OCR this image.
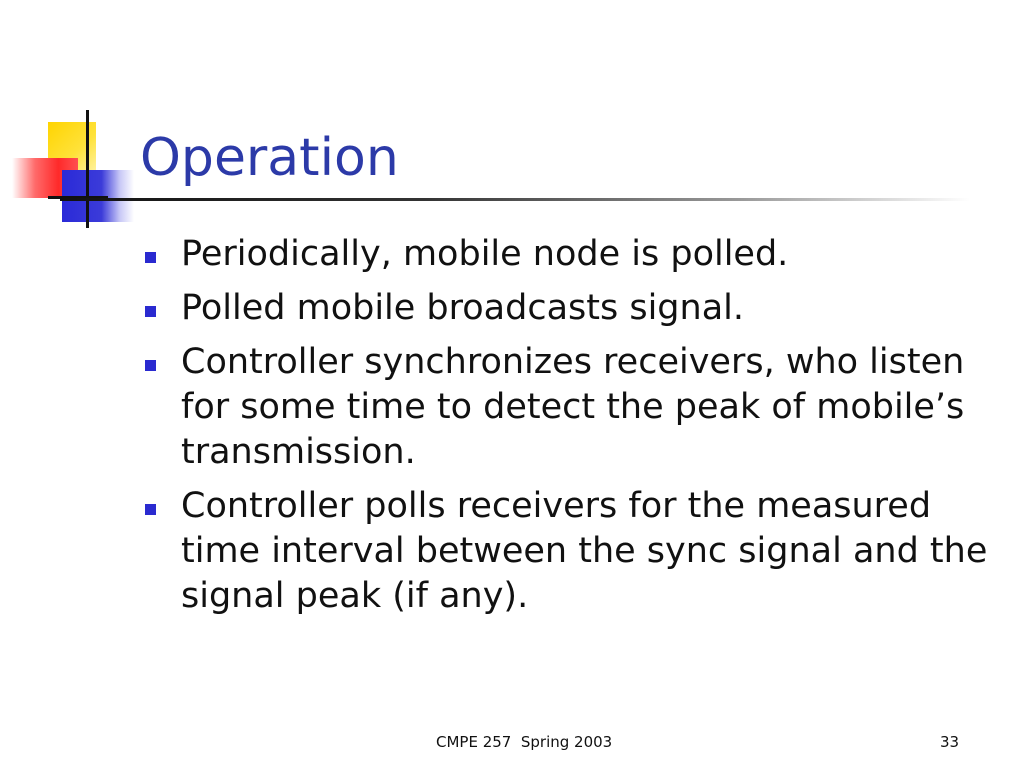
Operation
Periodically, mobile node is polled.
Polled mobile broadcasts signal.
Controller synchronizes receivers, who listen for some time to detect the peak of mobile’s transmission.
Controller polls receivers for the measured time interval between the sync signal and the signal peak (if any).
CMPE 257  Spring 2003	33
